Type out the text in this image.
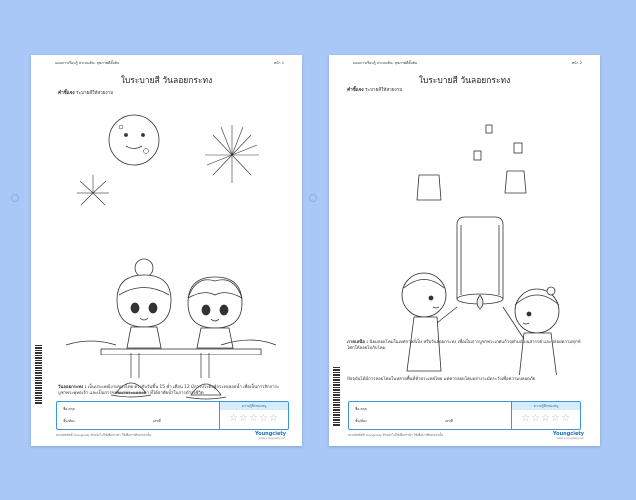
แผนการเรียนรู้ ประถมต้น: สุขภาพดีตั้งต้น	หน้า 1
ใบระบายสี วันลอยกระทง
คำชี้แจง ระบายสีให้สวยงาม
วันลอยกระทง : เป็นประเพณีงามของไทย ตรงกับวันขึ้น 15 ค่ำ เดือน 12 มีการประดิษฐ์กระทงลอยน้ำ เพื่อเป็นการสักการะบูชาพระพุทธเจ้า และเป็นการขอขมาพระแม่คงคา ที่ได้อาศัยน้ำในการดำรงชีวิต
ชื่อ-สกุล
ชั้น/ห้อง	เลขที่
ความรู้สึกของหนู
☆☆☆☆☆
สงวนลิขสิทธิ์ Youngciety ห้ามนำไปใช้เพื่อการค้า ใช้เพื่อการศึกษาเท่านั้น	Youngciety
www.youngciety.com
แผนการเรียนรู้ ประถมต้น: สุขภาพดีตั้งต้น	หน้า 2
ใบระบายสี วันลอยกระทง
คำชี้แจง ระบายสีให้สวยงาม
ภาคเหนือ : นิยมลอยโคมในเทศกาลยี่เป็ง หรือวันลอยกระทง เพื่อเป็นการบูชาพระเกศแก้วจุฬามณีบนสวรรค์ และปล่อยความทุกข์โศกให้ลอยไปกับโคม
ปัจจุบันได้มีการลอยโคมในหลายพื้นที่ทั่วประเทศไทย แต่ควรลอยโคมอย่างระมัดระวังเพื่อความปลอดภัย
ชื่อ-สกุล
ชั้น/ห้อง	เลขที่
ความรู้สึกของหนู
☆☆☆☆☆
สงวนลิขสิทธิ์ Youngciety ห้ามนำไปใช้เพื่อการค้า ใช้เพื่อการศึกษาเท่านั้น	Youngciety
www.youngciety.com
